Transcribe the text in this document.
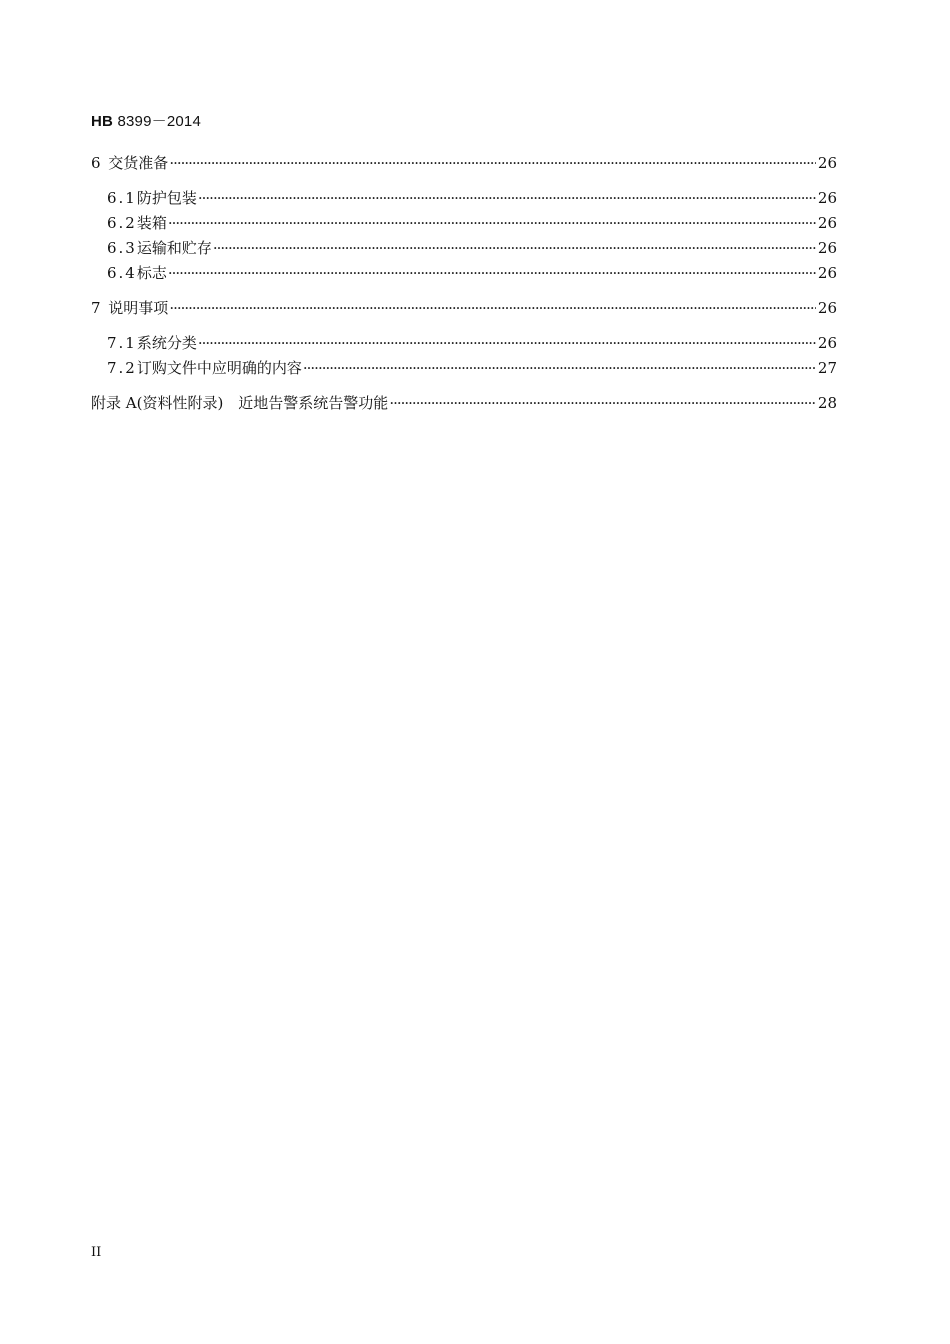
HB 8399－2014
6 交货准备 ·····	26
6.1 防护包装 ·····	26
6.2 装箱 ·····	26
6.3 运输和贮存 ·····	26
6.4 标志 ·····	26
7 说明事项 ·····	26
7.1 系统分类 ·····	26
7.2 订购文件中应明确的内容 ·····	27
附录 A(资料性附录)　近地告警系统告警功能 ·····	28
II
